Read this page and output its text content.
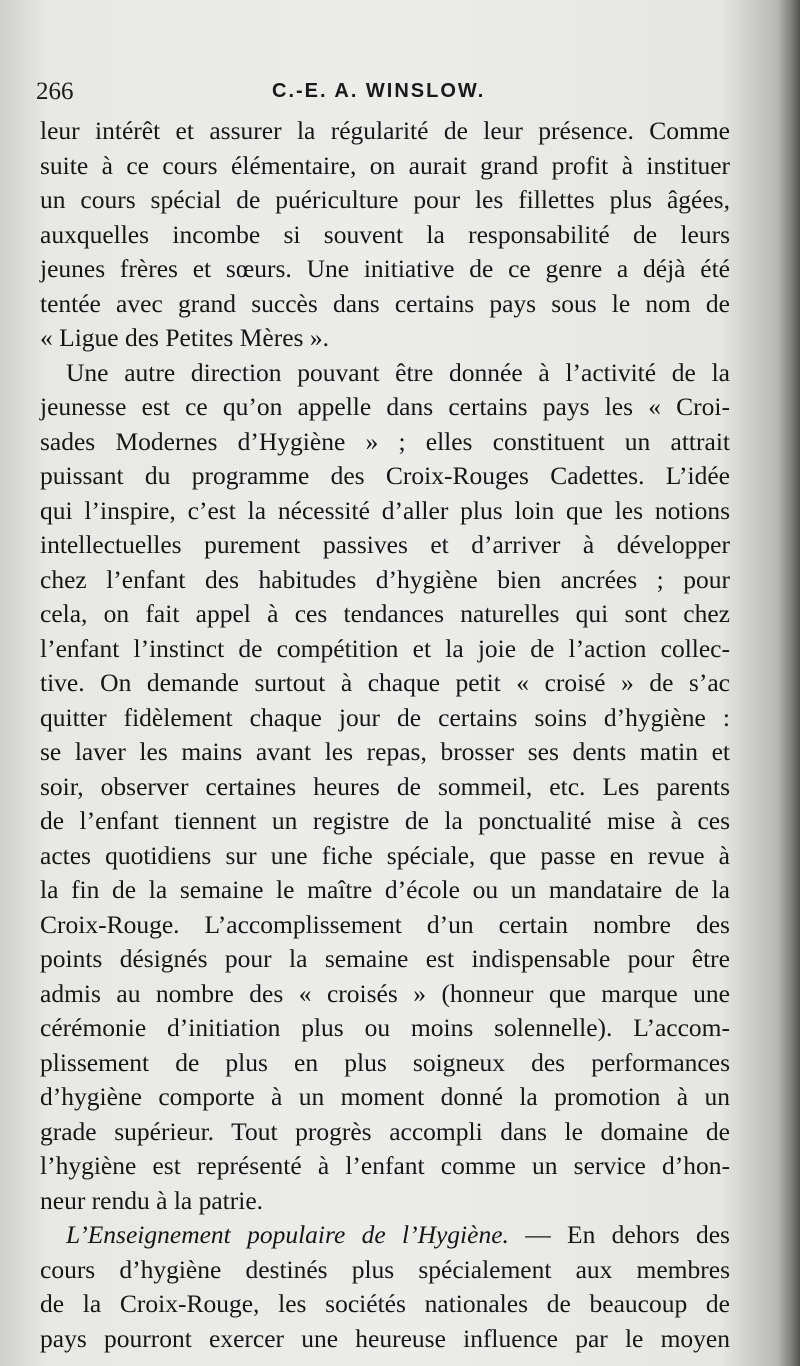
266	C.-E. A. WINSLOW.
leur intérêt et assurer la régularité de leur présence. Comme
suite à ce cours élémentaire, on aurait grand profit à instituer
un cours spécial de puériculture pour les fillettes plus âgées,
auxquelles incombe si souvent la responsabilité de leurs
jeunes frères et sœurs. Une initiative de ce genre a déjà été
tentée avec grand succès dans certains pays sous le nom de
« Ligue des Petites Mères ».
Une autre direction pouvant être donnée à l’activité de la
jeunesse est ce qu’on appelle dans certains pays les « Croi-
sades Modernes d’Hygiène » ; elles constituent un attrait
puissant du programme des Croix-Rouges Cadettes. L’idée
qui l’inspire, c’est la nécessité d’aller plus loin que les notions
intellectuelles purement passives et d’arriver à développer
chez l’enfant des habitudes d’hygiène bien ancrées ; pour
cela, on fait appel à ces tendances naturelles qui sont chez
l’enfant l’instinct de compétition et la joie de l’action collec-
tive. On demande surtout à chaque petit « croisé » de s’ac
quitter fidèlement chaque jour de certains soins d’hygiène :
se laver les mains avant les repas, brosser ses dents matin et
soir, observer certaines heures de sommeil, etc. Les parents
de l’enfant tiennent un registre de la ponctualité mise à ces
actes quotidiens sur une fiche spéciale, que passe en revue à
la fin de la semaine le maître d’école ou un mandataire de la
Croix-Rouge. L’accomplissement d’un certain nombre des
points désignés pour la semaine est indispensable pour être
admis au nombre des « croisés » (honneur que marque une
cérémonie d’initiation plus ou moins solennelle). L’accom-
plissement de plus en plus soigneux des performances
d’hygiène comporte à un moment donné la promotion à un
grade supérieur. Tout progrès accompli dans le domaine de
l’hygiène est représenté à l’enfant comme un service d’hon-
neur rendu à la patrie.
L’Enseignement populaire de l’Hygiène. — En dehors des
cours d’hygiène destinés plus spécialement aux membres
de la Croix-Rouge, les sociétés nationales de beaucoup de
pays pourront exercer une heureuse influence par le moyen
